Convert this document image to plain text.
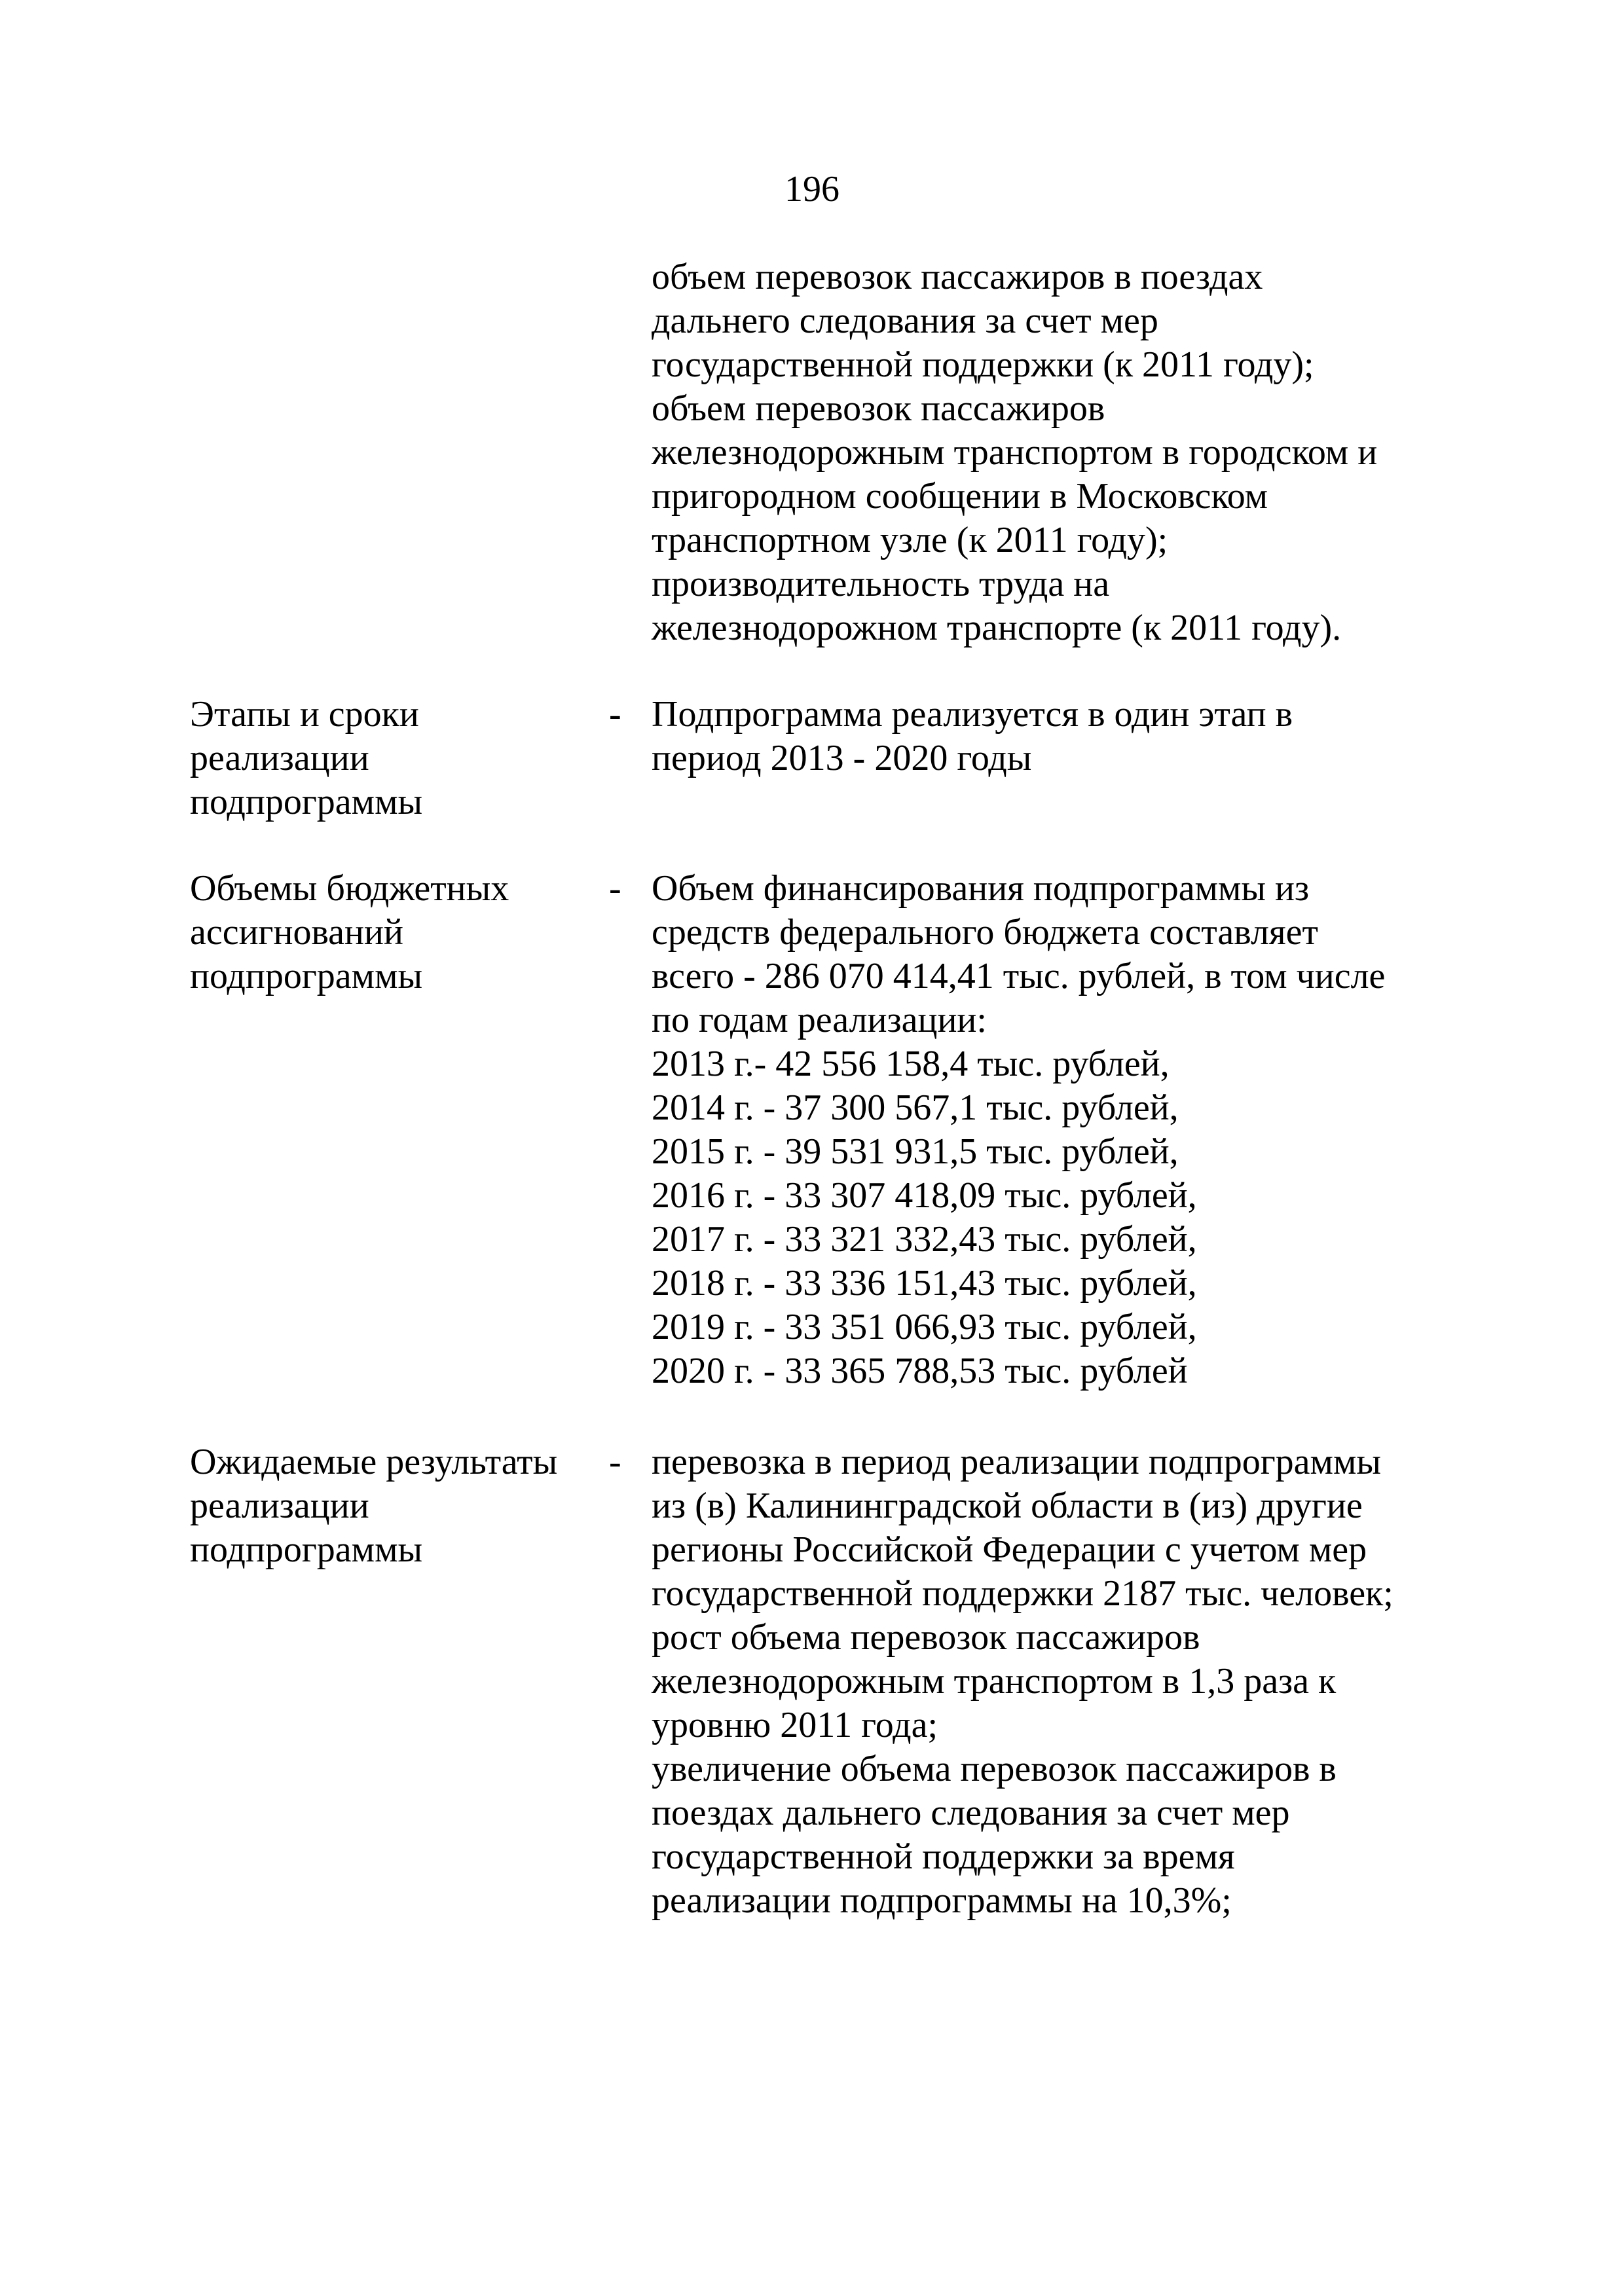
196
объем перевозок пассажиров в поездах
дальнего следования за счет мер
государственной поддержки (к 2011 году);
объем перевозок пассажиров
железнодорожным транспортом в городском и
пригородном сообщении в Московском
транспортном узле (к 2011 году);
производительность труда на
железнодорожном транспорте (к 2011 году).
Этапы и сроки
реализации
подпрограммы
- Подпрограмма реализуется в один этап в
период 2013 - 2020 годы
Объемы бюджетных
ассигнований
подпрограммы
- Объем финансирования подпрограммы из
средств федерального бюджета составляет
всего - 286 070 414,41 тыс. рублей, в том числе
по годам реализации:
2013 г.- 42 556 158,4 тыс. рублей,
2014 г. - 37 300 567,1 тыс. рублей,
2015 г. - 39 531 931,5 тыс. рублей,
2016 г. - 33 307 418,09 тыс. рублей,
2017 г. - 33 321 332,43 тыс. рублей,
2018 г. - 33 336 151,43 тыс. рублей,
2019 г. - 33 351 066,93 тыс. рублей,
2020 г. - 33 365 788,53 тыс. рублей
Ожидаемые результаты
реализации
подпрограммы
- перевозка в период реализации подпрограммы
из (в) Калининградской области в (из) другие
регионы Российской Федерации с учетом мер
государственной поддержки 2187 тыс. человек;
рост объема перевозок пассажиров
железнодорожным транспортом в 1,3 раза к
уровню 2011 года;
увеличение объема перевозок пассажиров в
поездах дальнего следования за счет мер
государственной поддержки за время
реализации подпрограммы на 10,3%;
